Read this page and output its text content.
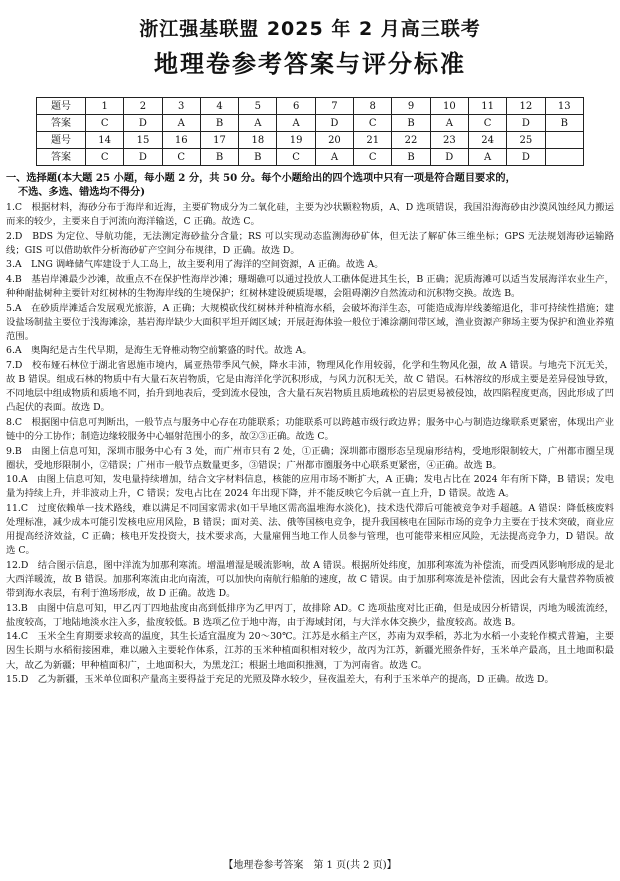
浙江强基联盟 2025 年 2 月高三联考
地理卷参考答案与评分标准
题号	1	2	3	4	5	6	7	8	9	10	11	12	13
答案	C	D	A	B	A	A	D	C	B	A	C	D	B
题号	14	15	16	17	18	19	20	21	22	23	24	25	
答案	C	D	C	B	B	C	A	C	B	D	A	D	
一、选择题(本大题 25 小题，每小题 2 分，共 50 分。每个小题给出的四个选项中只有一项是符合题目要求的，
不选、多选、错选均不得分)
1.C　根据材料，海砂分布于海岸和近海，主要矿物成分为二氧化硅，主要为沙状颗粒物质，A、D 选项错误，我国沿海海砂由沙漠风蚀经风力搬运而来的较少，主要来自于河流向海洋输送，C 正确。故选 C。
2.D　BDS 为定位、导航功能，无法测定海砂盐分含量；RS 可以实现动态监测海砂矿体，但无法了解矿体三维坐标；GPS 无法规划海砂运输路线；GIS 可以借助软件分析海砂矿产空间分布规律，D 正确。故选 D。
3.A　LNG 调峰储气库建设于人工岛上，故主要利用了海洋的空间资源，A 正确。故选 A。
4.B　基岩岸滩最少沙滩，故重点不在保护性海岸沙滩；珊瑚礁可以通过投放人工礁体促进其生长，B 正确；泥质海滩可以适当发展海洋农业生产，种种耐盐树种主要针对红树林的生物海岸线的生境保护；红树林建设硬质堤堰，会阻碍潮汐自然流动和沉积物交换。故选 B。
5.A　在砂质岸滩适合发展观光旅游，A 正确；大规模砍伐红树林并种植海水稻，会破坏海洋生态，可能造成海岸线萎缩退化，非可持续性措施；建设盐场制盐主要位于浅海滩涂，基岩海岸缺少大面积平坦开阔区域；开展赶海体验一般位于滩涂潮间带区域，渔业资源产卵场主要为保护和渔业养殖范围。
6.A　奥陶纪是古生代早期，是海生无脊椎动物空前繁盛的时代。故选 A。
7.D　校布娅石林位于湖北省恩施市境内，属亚热带季风气候，降水丰沛，物理风化作用较弱，化学和生物风化强，故 A 错误。与地壳下沉无关，故 B 错误。组成石林的物质中有大量石灰岩物质，它是由海洋化学沉积形成，与风力沉积无关，故 C 错误。石林溶纹的形成主要是差异侵蚀导致，不同地层中组成物质和质地不同，抬升到地表后，受到流水侵蚀，含大量石灰岩物质且质地疏松的岩层更易被侵蚀，故四陷程度更高，因此形成了凹凸起伏的表面。故选 D。
8.C　根据图中信息可判断出，一般节点与服务中心存在功能联系；功能联系可以跨越市级行政边界；服务中心与制造边缘联系更紧密，体现出产业链中的分工协作；制造边缘较服务中心辐射范围小的多，故②③正确。故选 C。
9.B　由图上信息可知，深圳市服务中心有 3 处，而广州市只有 2 处，①正确；深圳都市圈形态呈现扇形结构，受地形限制较大，广州都市圈呈现圈状，受地形限制小，②错误；广州市一般节点数量更多，③错误；广州都市圈服务中心联系更紧密，④正确。故选 B。
10.A　由图上信息可知，发电量持续增加，结合文字材料信息，核能的应用市场不断扩大，A 正确；发电占比在 2024 年有所下降，B 错误；发电量为持续上升，并非波动上升，C 错误；发电占比在 2024 年出现下降，并不能反映它今后就一直上升，D 错误。故选 A。
11.C　过度依赖单一技术路线，难以满足不同国家需求(如干旱地区需高温堆海水淡化)，技术迭代滞后可能被竞争对手超越。A 错误：降低核废料处理标准，减少成本可能引发核电应用风险，B 错误；面对美、法、俄等国核电竞争，提升我国核电在国际市场的竞争力主要在于技术突破，商业应用提高经济效益，C 正确；核电开发投资大，技术要求高，大量雇佣当地工作人员参与管理，也可能带来相应风险，无法提高竞争力，D 错误。故选 C。
12.D　结合图示信息，图中洋流为加那利寒流。增温增湿是暖流影响，故 A 错误。根据所处纬度，加那利寒流为补偿流，而受西风影响形成的是北大西洋暖流，故 B 错误。加那利寒流由北向南流，可以加快向南航行船舶的速度，故 C 错误。由于加那利寒流是补偿流，因此会有大量营养物质被带到海水表层，有利于渔场形成，故 D 正确。故选 D。
13.B　由图中信息可知，甲乙丙丁四地盐度由高到低排序为乙甲丙丁，故排除 AD。C 选项盐度对比正确，但是成因分析错误，丙地为暖流流经，盐度较高，丁地陆地淡水注入多，盐度较低。B 选项乙位于地中海，由于海域封闭，与大洋水体交换少，盐度较高。故选 B。
14.C　玉米全生育期要求较高的温度，其生长适宜温度为 20～30℃。江苏是水稻主产区，苏南为双季稻，苏北为水稻一小麦轮作模式普遍，主要因生长期与水稻衔接困难，难以融入主要轮作体系，江苏的玉米种植面积相对较少，故丙为江苏，新疆光照条件好，玉米单产最高，且土地面积最大，故乙为新疆；甲种植面积广，土地面积大，为黑龙江；根据土地面积推测，丁为河南省。故选 C。
15.D　乙为新疆，玉米单位面积产量高主要得益于充足的光照及降水较少，昼夜温差大，有利于玉米单产的提高，D 正确。故选 D。
【地理卷参考答案　第 1 页(共 2 页)】
